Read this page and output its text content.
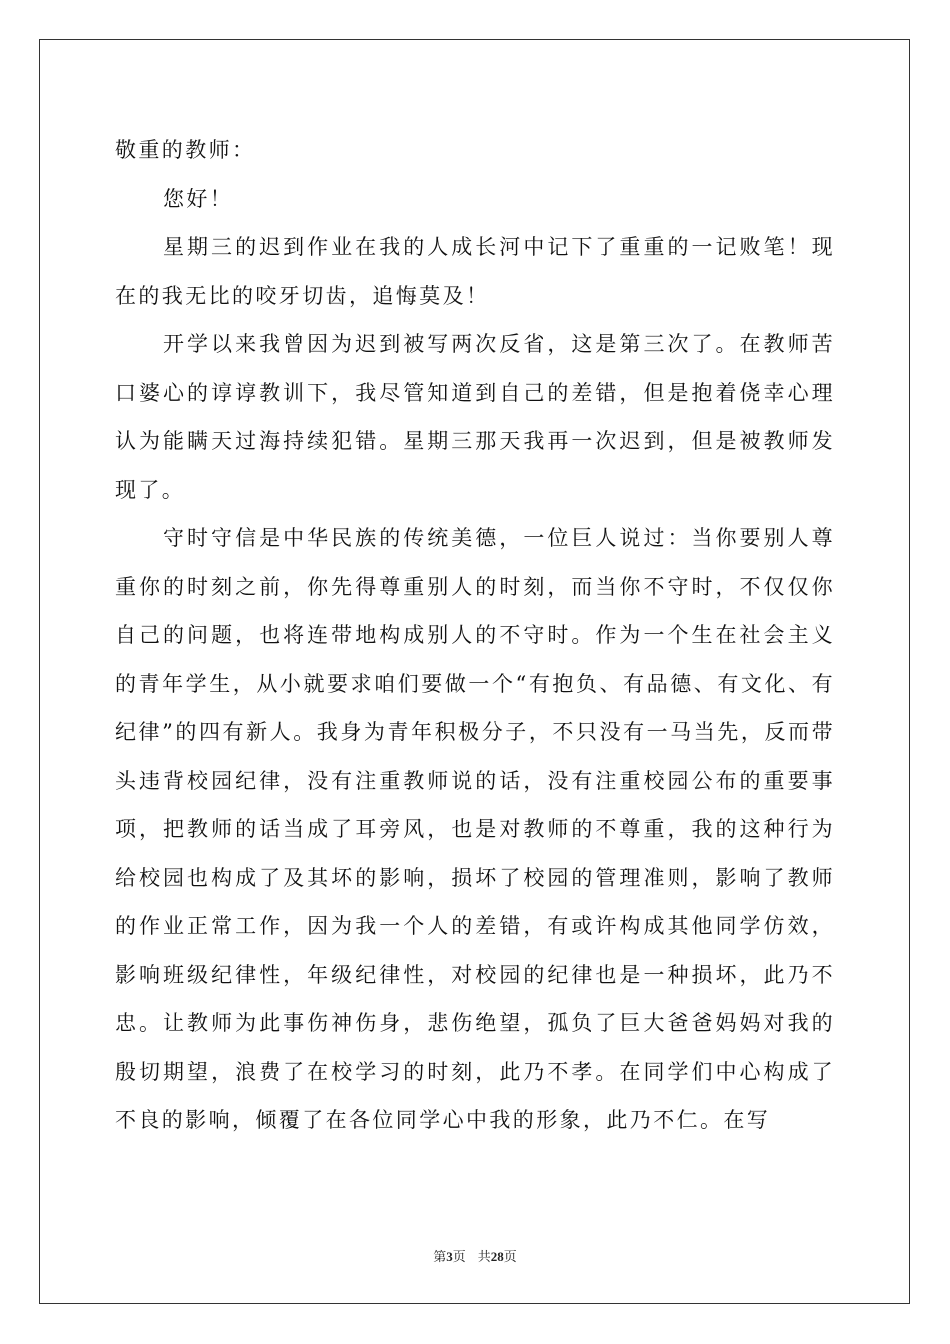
敬重的教师：

您好！

星期三的迟到作业在我的人成长河中记下了重重的一记败笔！现在的我无比的咬牙切齿，追悔莫及！

开学以来我曾因为迟到被写两次反省，这是第三次了。在教师苦口婆心的谆谆教训下，我尽管知道到自己的差错，但是抱着侥幸心理认为能瞒天过海持续犯错。星期三那天我再一次迟到，但是被教师发现了。

守时守信是中华民族的传统美德，一位巨人说过：当你要别人尊重你的时刻之前，你先得尊重别人的时刻，而当你不守时，不仅仅你自己的问题，也将连带地构成别人的不守时。作为一个生在社会主义的青年学生，从小就要求咱们要做一个“有抱负、有品德、有文化、有纪律”的四有新人。我身为青年积极分子，不只没有一马当先，反而带头违背校园纪律，没有注重教师说的话，没有注重校园公布的重要事项，把教师的话当成了耳旁风，也是对教师的不尊重，我的这种行为给校园也构成了及其坏的影响，损坏了校园的管理准则，影响了教师的作业正常工作，因为我一个人的差错，有或许构成其他同学仿效，影响班级纪律性，年级纪律性，对校园的纪律也是一种损坏，此乃不忠。让教师为此事伤神伤身，悲伤绝望，孤负了巨大爸爸妈妈对我的殷切期望，浪费了在校学习的时刻，此乃不孝。在同学们中心构成了不良的影响，倾覆了在各位同学心中我的形象，此乃不仁。在写

第3页 共28页
